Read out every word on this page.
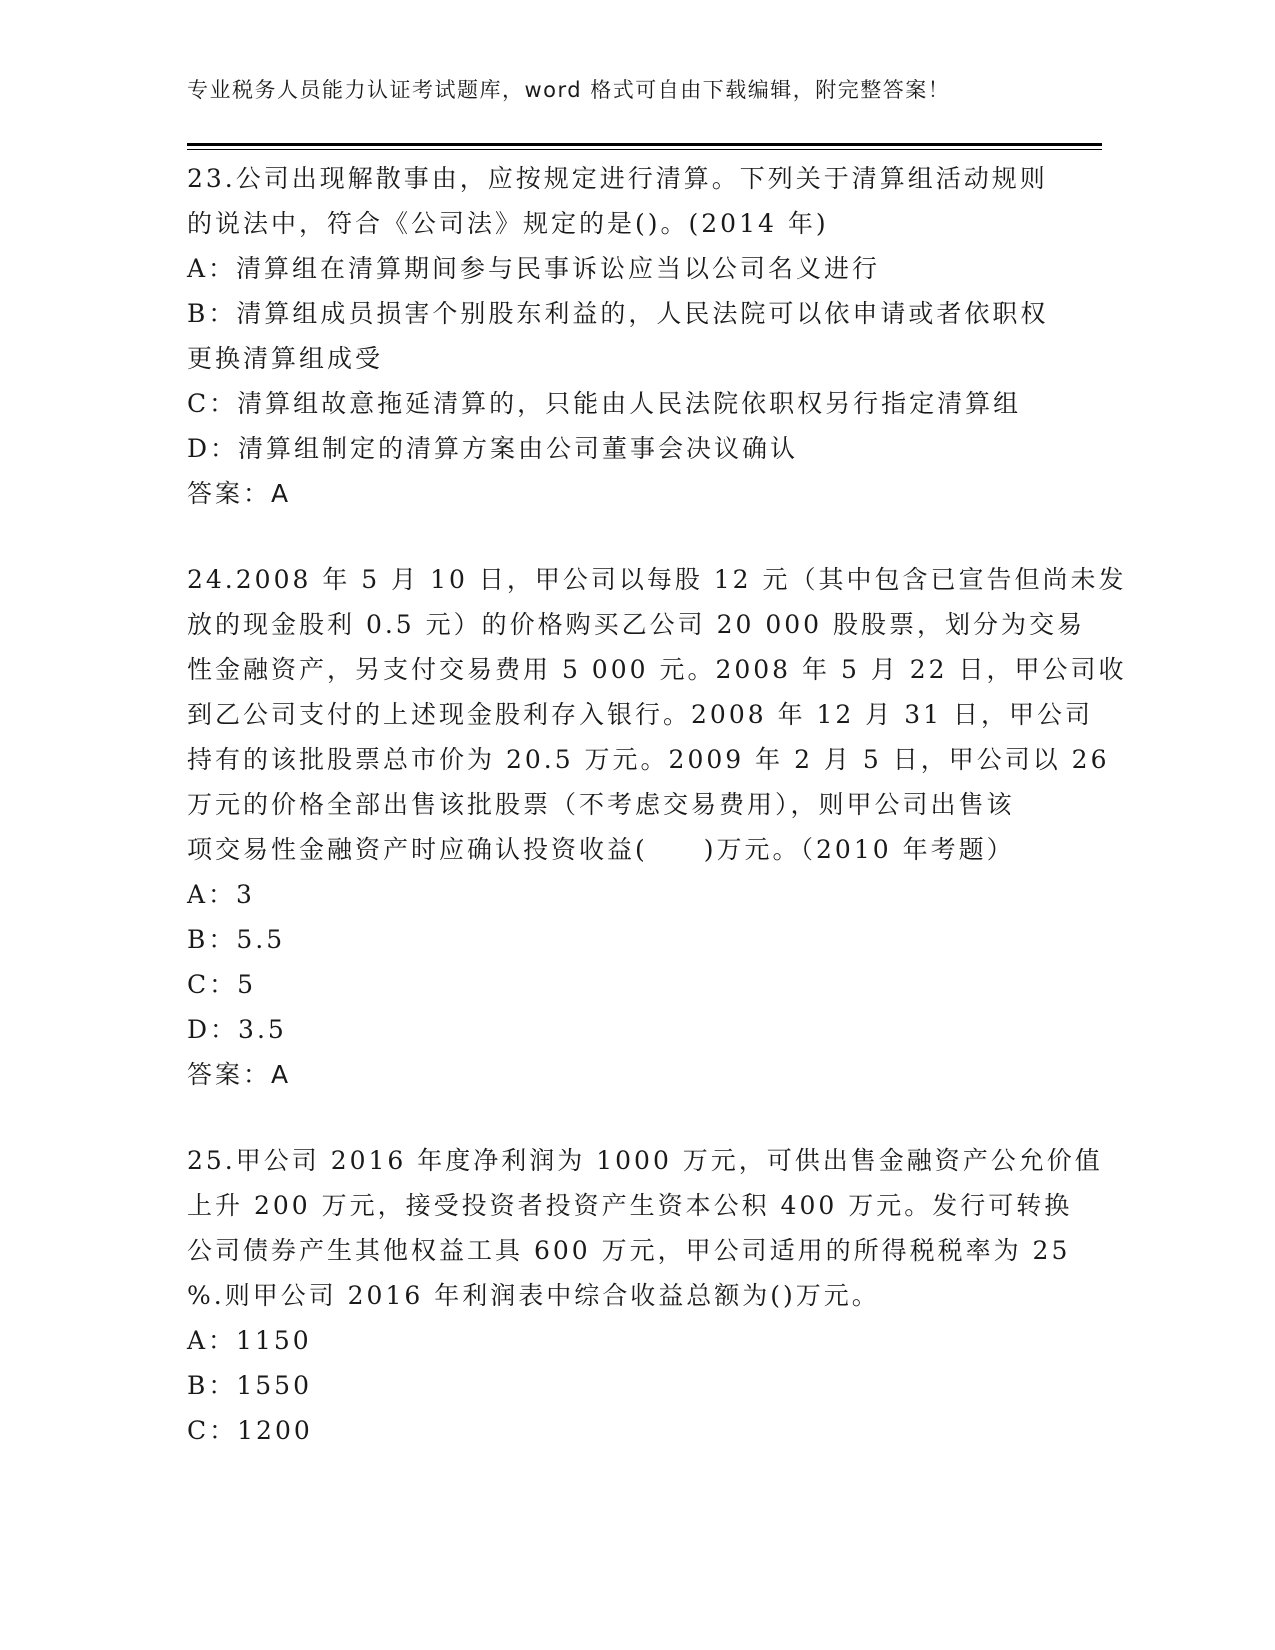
专业税务人员能力认证考试题库，word 格式可自由下载编辑，附完整答案！
23.公司出现解散事由，应按规定进行清算。下列关于清算组活动规则
的说法中，符合《公司法》规定的是()。(2014 年)
A：清算组在清算期间参与民事诉讼应当以公司名义进行
B：清算组成员损害个别股东利益的，人民法院可以依申请或者依职权
更换清算组成受
C：清算组故意拖延清算的，只能由人民法院依职权另行指定清算组
D：清算组制定的清算方案由公司董事会决议确认
答案：A
24.2008 年 5 月 10 日，甲公司以每股 12 元（其中包含已宣告但尚未发
放的现金股利 0.5 元）的价格购买乙公司 20 000 股股票，划分为交易
性金融资产，另支付交易费用 5 000 元。2008 年 5 月 22 日，甲公司收
到乙公司支付的上述现金股利存入银行。2008 年 12 月 31 日，甲公司
持有的该批股票总市价为 20.5 万元。2009 年 2 月 5 日，甲公司以 26
万元的价格全部出售该批股票（不考虑交易费用），则甲公司出售该
项交易性金融资产时应确认投资收益(　　)万元。（2010 年考题）
A：3
B：5.5
C：5
D：3.5
答案：A
25.甲公司 2016 年度净利润为 1000 万元，可供出售金融资产公允价值
上升 200 万元，接受投资者投资产生资本公积 400 万元。发行可转换
公司债券产生其他权益工具 600 万元，甲公司适用的所得税税率为 25
%.则甲公司 2016 年利润表中综合收益总额为()万元。
A：1150
B：1550
C：1200
